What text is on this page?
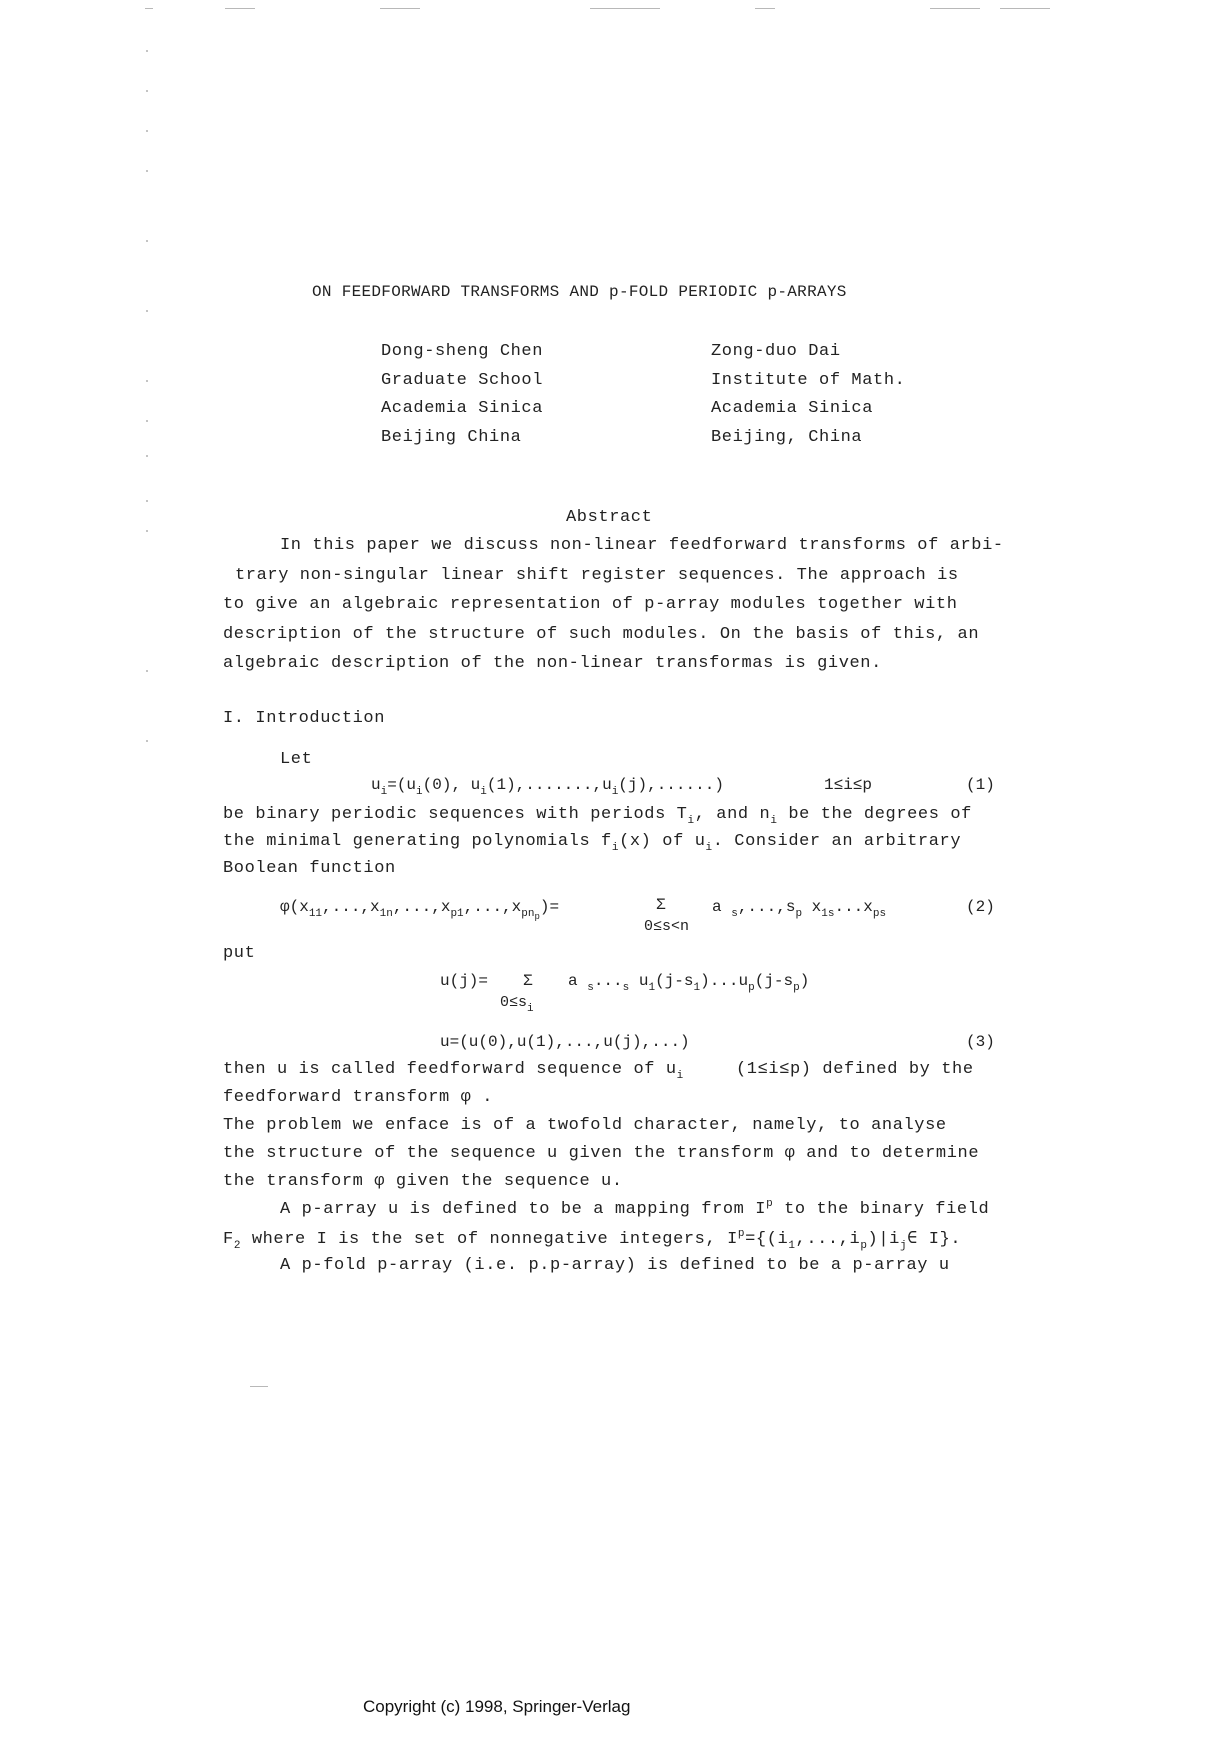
ON FEEDFORWARD TRANSFORMS AND p-FOLD PERIODIC p-ARRAYS
Dong-sheng Chen
Graduate School
Academia Sinica
Beijing China
Zong-duo Dai
Institute of Math.
Academia Sinica
Beijing, China
Abstract
In this paper we discuss non-linear feedforward transforms of arbi-
trary non-singular linear shift register sequences. The approach is
to give an algebraic representation of p-array modules together with
description of the structure of such modules. On the basis of this, an
algebraic description of the non-linear transformas is given.
I. Introduction
Let
$u_i=(u_i(0)$, $u_i(1),.......,u_i(j)$,......)	1≤i≤p	(1)
be binary periodic sequences with periods $T_i$, and $n_i$ be the degrees of
the minimal generating polynomials $f_i(x)$ of $u_i$. Consider an arbitrary
Boolean function
$\varphi(x_{11},...,x_{1n},...,x_{p1},...,x_{pn_p})=$	Σ
0≤s<n
a $_s,...,s_p$ $x_{1s}...x_{ps}$	(2)
put
u(j)= Σ
$0\le s_i$
a $_s..._s$ $u_1(j-s_1)...u_p(j-s_p)$
u=(u(0),u(1),...,u(j),...)	(3)
then u is called feedforward sequence of $u_i$	(1≤i≤p) defined by the
feedforward transform φ .
The problem we enface is of a twofold character, namely, to analyse
the structure of the sequence u given the transform φ and to determine
the transform φ given the sequence u.
A p-array u is defined to be a mapping from $I^p$ to the binary field
$F_2$ where I is the set of nonnegative integers, $I^p=\{(i_1,...,i_p)|i_j\in$ I}.
A p-fold p-array (i.e. p.p-array) is defined to be a p-array u
Copyright (c) 1998, Springer-Verlag
